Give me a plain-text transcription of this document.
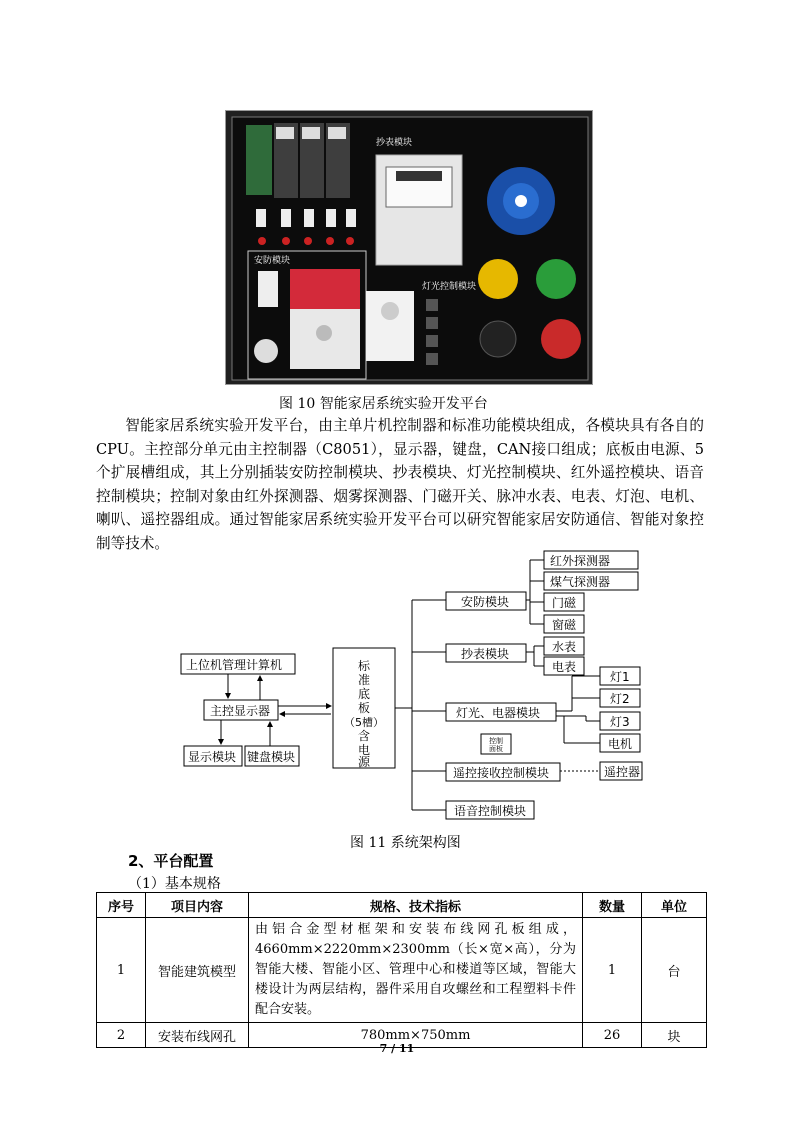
抄表模块
安防模块
灯光控制模块
图 10 智能家居系统实验开发平台
智能家居系统实验开发平台，由主单片机控制器和标准功能模块组成，各模块具有各自的CPU。主控部分单元由主控制器（C8051），显示器，键盘，CAN接口组成；底板由电源、5个扩展槽组成，其上分别插装安防控制模块、抄表模块、灯光控制模块、红外遥控模块、语音控制模块；控制对象由红外探测器、烟雾探测器、门磁开关、脉冲水表、电表、灯泡、电机、喇叭、遥控器组成。通过智能家居系统实验开发平台可以研究智能家居安防通信、智能对象控制等技术。
上位机管理计算机
主控显示器
显示模块 键盘模块
标
准
底
板
（5槽）
含
电
源
安防模块
红外探测器
煤气探测器
门磁
窗磁
抄表模块	水表
电表
灯光、电器模块
灯1
灯2
灯3
电机
控制
面板
遥控接收控制模块	遥控器
语音控制模块
图 11 系统架构图
2、平台配置
（1）基本规格
序号	项目内容	规格、技术指标	数量	单位
1	智能建筑模型	由铝合金型材框架和安装布线网孔板组成，4660mm×2220mm×2300mm（长×宽×高），分为智能大楼、智能小区、管理中心和楼道等区域，智能大楼设计为两层结构，器件采用自攻螺丝和工程塑料卡件配合安装。	1	台
2	安装布线网孔	780mm×750mm	26	块
7 / 11
